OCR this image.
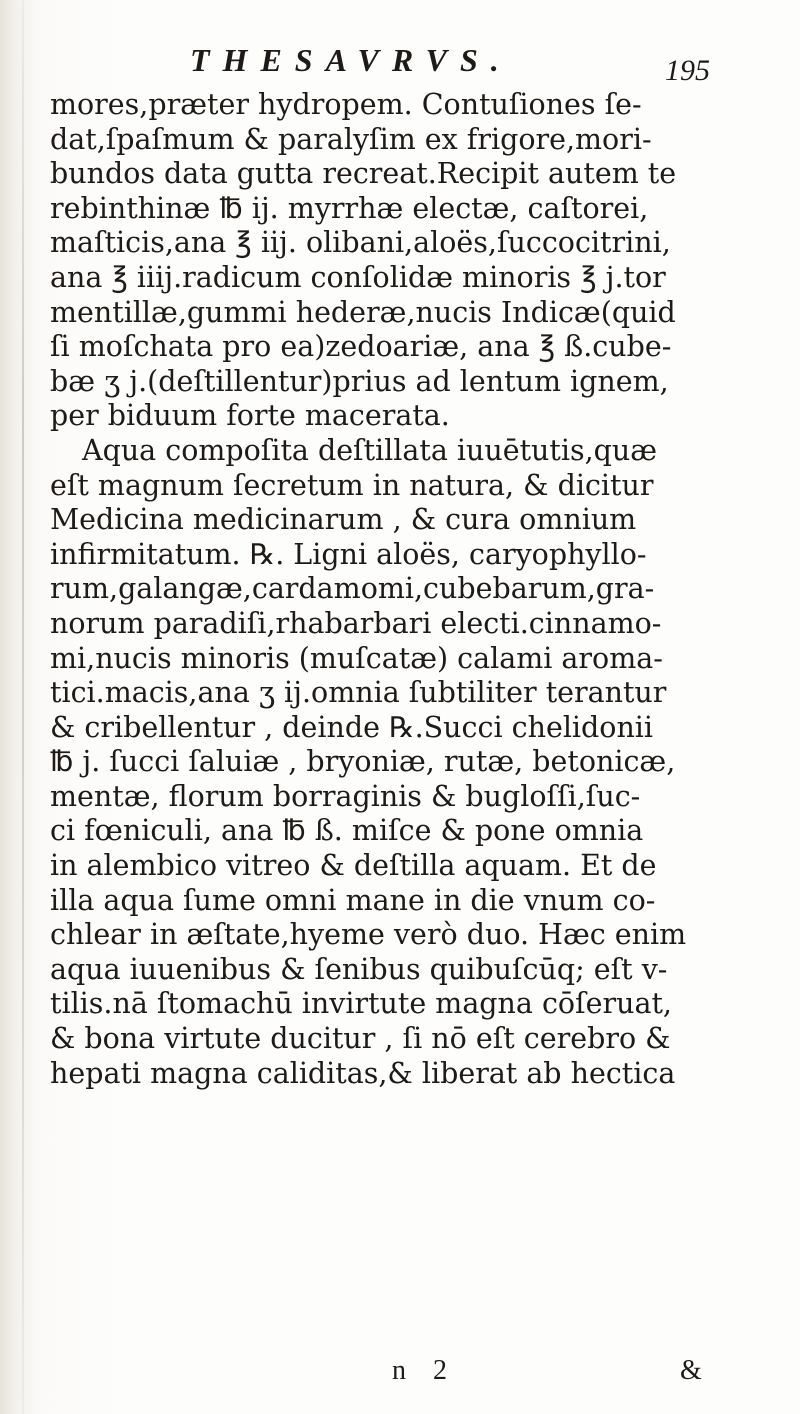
THESAVRVS.	195
mores,præter hydropem. Contuſiones ſe-
dat,ſpaſmum & paralyſim ex frigore,mori-
bundos data gutta recreat.Recipit autem te
rebinthinæ ℔ ij. myrrhæ electæ, caſtorei,
maſticis,ana ℥ iij. olibani,aloës,ſuccocitrini,
ana ℥ iiij.radicum conſolidæ minoris ℥ j.tor
mentillæ,gummi hederæ,nucis Indicæ(quid
ſi moſchata pro ea)zedoariæ, ana ℥ ß.cube-
bæ ʒ j.(deſtillentur)prius ad lentum ignem,
per biduum forte macerata.
Aqua compoſita deſtillata iuuētutis,quæ
eſt magnum ſecretum in natura, & dicitur
Medicina medicinarum , & cura omnium
infirmitatum. ℞. Ligni aloës, caryophyllo-
rum,galangæ,cardamomi,cubebarum,gra-
norum paradiſi,rhabarbari electi.cinnamo-
mi,nucis minoris (muſcatæ) calami aroma-
tici.macis,ana ʒ ij.omnia ſubtiliter terantur
& cribellentur , deinde ℞.Succi chelidonii
℔ j. ſucci ſaluiæ , bryoniæ, rutæ, betonicæ,
mentæ, florum borraginis & bugloſſi,ſuc-
ci fœniculi, ana ℔ ß. miſce & pone omnia
in alembico vitreo & deſtilla aquam. Et de
illa aqua ſume omni mane in die vnum co-
chlear in æſtate,hyeme verò duo. Hæc enim
aqua iuuenibus & ſenibus quibuſcūq; eſt v-
tilis.nā ſtomachū invirtute magna cōſeruat,
& bona virtute ducitur , ſi nō eſt cerebro &
hepati magna caliditas,& liberat ab hectica
n 2	&
